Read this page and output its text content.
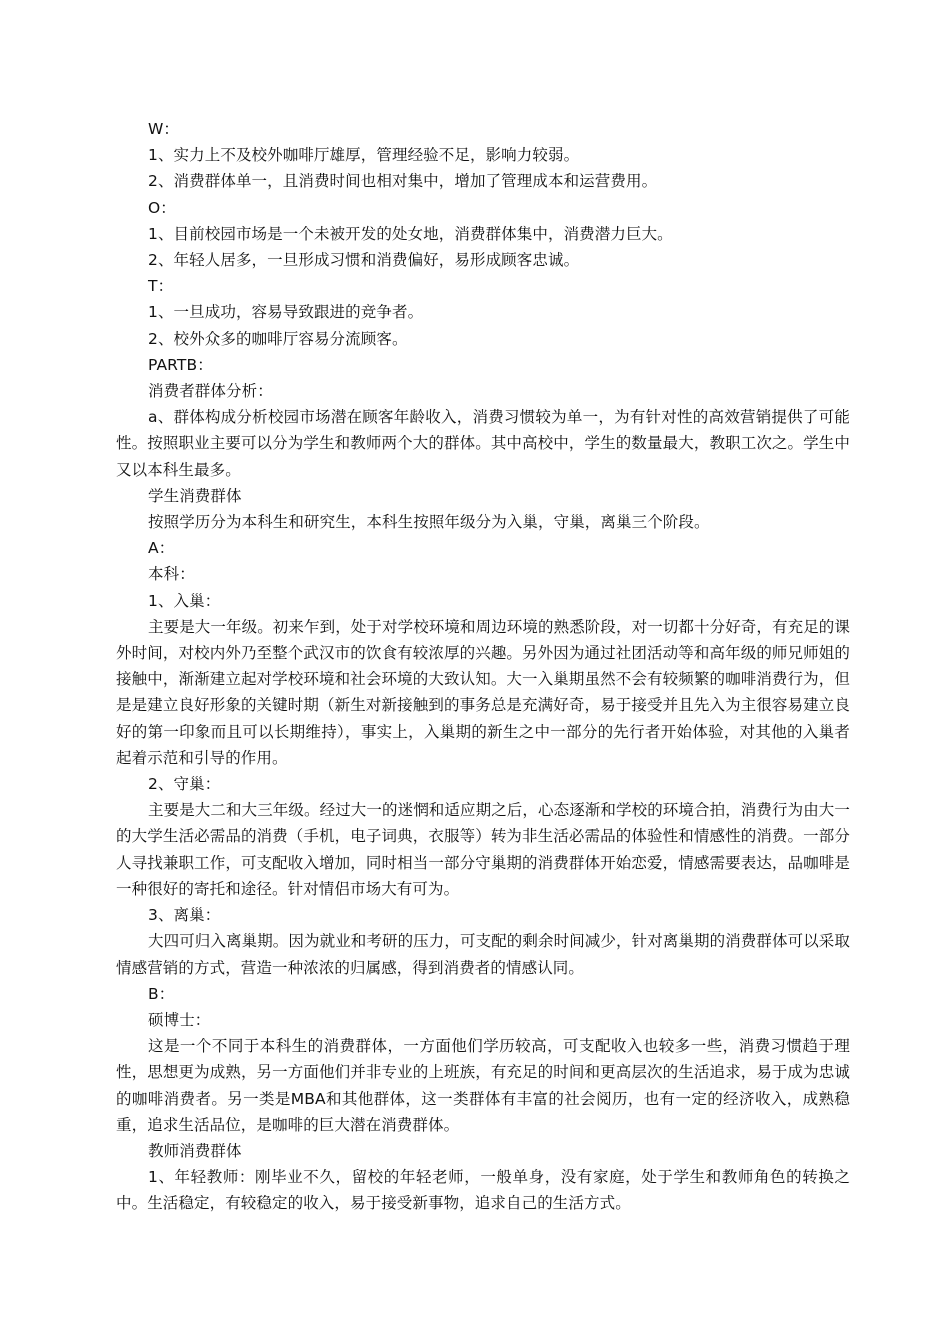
W：

1、实力上不及校外咖啡厅雄厚，管理经验不足，影响力较弱。

2、消费群体单一，且消费时间也相对集中，增加了管理成本和运营费用。

O：

1、目前校园市场是一个未被开发的处女地，消费群体集中，消费潜力巨大。

2、年轻人居多，一旦形成习惯和消费偏好，易形成顾客忠诚。

T：

1、一旦成功，容易导致跟进的竞争者。

2、校外众多的咖啡厅容易分流顾客。

PARTB：

消费者群体分析：

a、群体构成分析校园市场潜在顾客年龄收入，消费习惯较为单一，为有针对性的高效营销提供了可能性。按照职业主要可以分为学生和教师两个大的群体。其中高校中，学生的数量最大，教职工次之。学生中又以本科生最多。

学生消费群体

按照学历分为本科生和研究生，本科生按照年级分为入巢，守巢，离巢三个阶段。

A：

本科：

1、入巢：

主要是大一年级。初来乍到，处于对学校环境和周边环境的熟悉阶段，对一切都十分好奇，有充足的课外时间，对校内外乃至整个武汉市的饮食有较浓厚的兴趣。另外因为通过社团活动等和高年级的师兄师姐的接触中，渐渐建立起对学校环境和社会环境的大致认知。大一入巢期虽然不会有较频繁的咖啡消费行为，但是是建立良好形象的关键时期（新生对新接触到的事务总是充满好奇，易于接受并且先入为主很容易建立良好的第一印象而且可以长期维持），事实上，入巢期的新生之中一部分的先行者开始体验，对其他的入巢者起着示范和引导的作用。

2、守巢：

主要是大二和大三年级。经过大一的迷惘和适应期之后，心态逐渐和学校的环境合拍，消费行为由大一的大学生活必需品的消费（手机，电子词典，衣服等）转为非生活必需品的体验性和情感性的消费。一部分人寻找兼职工作，可支配收入增加，同时相当一部分守巢期的消费群体开始恋爱，情感需要表达，品咖啡是一种很好的寄托和途径。针对情侣市场大有可为。

3、离巢：

大四可归入离巢期。因为就业和考研的压力，可支配的剩余时间减少，针对离巢期的消费群体可以采取情感营销的方式，营造一种浓浓的归属感，得到消费者的情感认同。

B：

硕博士：

这是一个不同于本科生的消费群体，一方面他们学历较高，可支配收入也较多一些，消费习惯趋于理性，思想更为成熟，另一方面他们并非专业的上班族，有充足的时间和更高层次的生活追求，易于成为忠诚的咖啡消费者。另一类是MBA和其他群体，这一类群体有丰富的社会阅历，也有一定的经济收入，成熟稳重，追求生活品位，是咖啡的巨大潜在消费群体。

教师消费群体

1、年轻教师：刚毕业不久，留校的年轻老师，一般单身，没有家庭，处于学生和教师角色的转换之中。生活稳定，有较稳定的收入，易于接受新事物，追求自己的生活方式。
